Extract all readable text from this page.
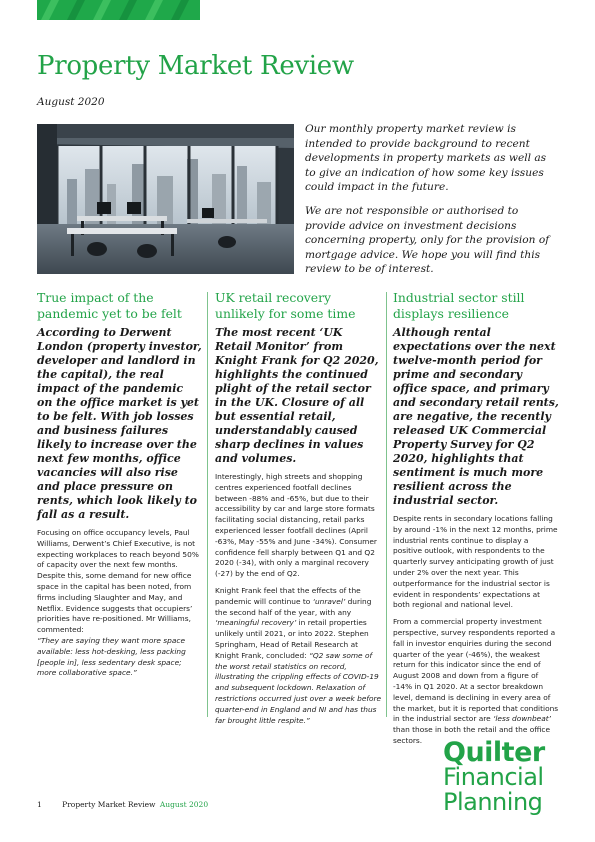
Property Market Review
August 2020

Our monthly property market review is intended to provide background to recent developments in property markets as well as to give an indication of how some key issues could impact in the future.

We are not responsible or authorised to provide advice on investment decisions concerning property, only for the provision of mortgage advice. We hope you will find this review to be of interest.

True impact of the pandemic yet to be felt
According to Derwent London (property investor, developer and landlord in the capital), the real impact of the pandemic on the office market is yet to be felt. With job losses and business failures likely to increase over the next few months, office vacancies will also rise and place pressure on rents, which look likely to fall as a result.
Focusing on office occupancy levels, Paul Williams, Derwent’s Chief Executive, is not expecting workplaces to reach beyond 50% of capacity over the next few months. Despite this, some demand for new office space in the capital has been noted, from firms including Slaughter and May, and Netflix. Evidence suggests that occupiers’ priorities have re-positioned. Mr Williams, commented:
“They are saying they want more space available: less hot-desking, less packing [people in], less sedentary desk space; more collaborative space.”
UK retail recovery unlikely for some time
The most recent ‘UK Retail Monitor’ from Knight Frank for Q2 2020, highlights the continued plight of the retail sector in the UK. Closure of all but essential retail, understandably caused sharp declines in values and volumes.
Interestingly, high streets and shopping centres experienced footfall declines between -88% and -65%, but due to their accessibility by car and large store formats facilitating social distancing, retail parks experienced lesser footfall declines (April -63%, May -55% and June -34%). Consumer confidence fell sharply between Q1 and Q2 2020 (-34), with only a marginal recovery (-27) by the end of Q2.
Knight Frank feel that the effects of the pandemic will continue to ‘unravel’ during the second half of the year, with any ‘meaningful recovery’ in retail properties unlikely until 2021, or into 2022. Stephen Springham, Head of Retail Research at Knight Frank, concluded: “Q2 saw some of the worst retail statistics on record, illustrating the crippling effects of COVID-19 and subsequent lockdown. Relaxation of restrictions occurred just over a week before quarter-end in England and NI and has thus far brought little respite.”
Industrial sector still displays resilience
Although rental expectations over the next twelve-month period for prime and secondary office space, and primary and secondary retail rents, are negative, the recently released UK Commercial Property Survey for Q2 2020, highlights that sentiment is much more resilient across the industrial sector.
Despite rents in secondary locations falling by around -1% in the next 12 months, prime industrial rents continue to display a positive outlook, with respondents to the quarterly survey anticipating growth of just under 2% over the next year. This outperformance for the industrial sector is evident in respondents’ expectations at both regional and national level.
From a commercial property investment perspective, survey respondents reported a fall in investor enquiries during the second quarter of the year (-46%), the weakest return for this indicator since the end of August 2008 and down from a figure of -14% in Q1 2020. At a sector breakdown level, demand is declining in every area of the market, but it is reported that conditions in the industrial sector are ‘less downbeat’ than those in both the retail and the office sectors. Quilter
Financial
Planning
1	Property Market Review August 2020
